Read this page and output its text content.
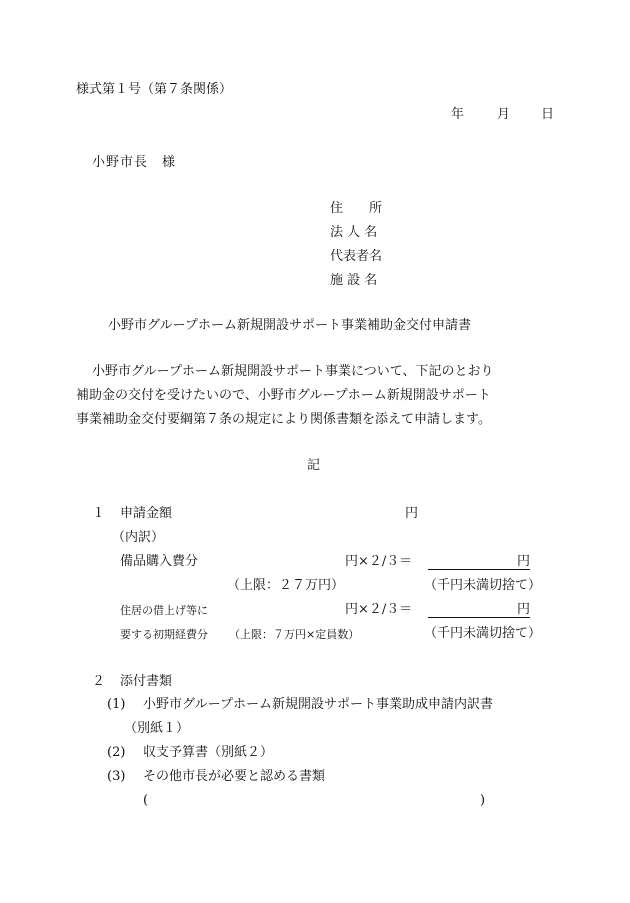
様式第１号（第７条関係）
年	月 日
小野市長　様
住　　所
法 人 名
代表者名
施 設 名
小野市グループホーム新規開設サポート事業補助金交付申請書
小野市グループホーム新規開設サポート事業について、下記のとおり
補助金の交付を受けたいので、小野市グループホーム新規開設サポート
事業補助金交付要綱第７条の規定により関係書類を添えて申請します。
記
１ 申請金額	円
（内訳）
備品購入費分	円×２/３＝	円
（上限：２７万円）	（千円未満切捨て）
住居の借上げ等に	円×２/３＝	円
要する初期経費分 （上限：７万円×定員数）	（千円未満切捨て）
２ 添付書類
(1) 小野市グループホーム新規開設サポート事業助成申請内訳書
（別紙１）
(2) 収支予算書（別紙２）
(3) その他市長が必要と認める書類
(	)
